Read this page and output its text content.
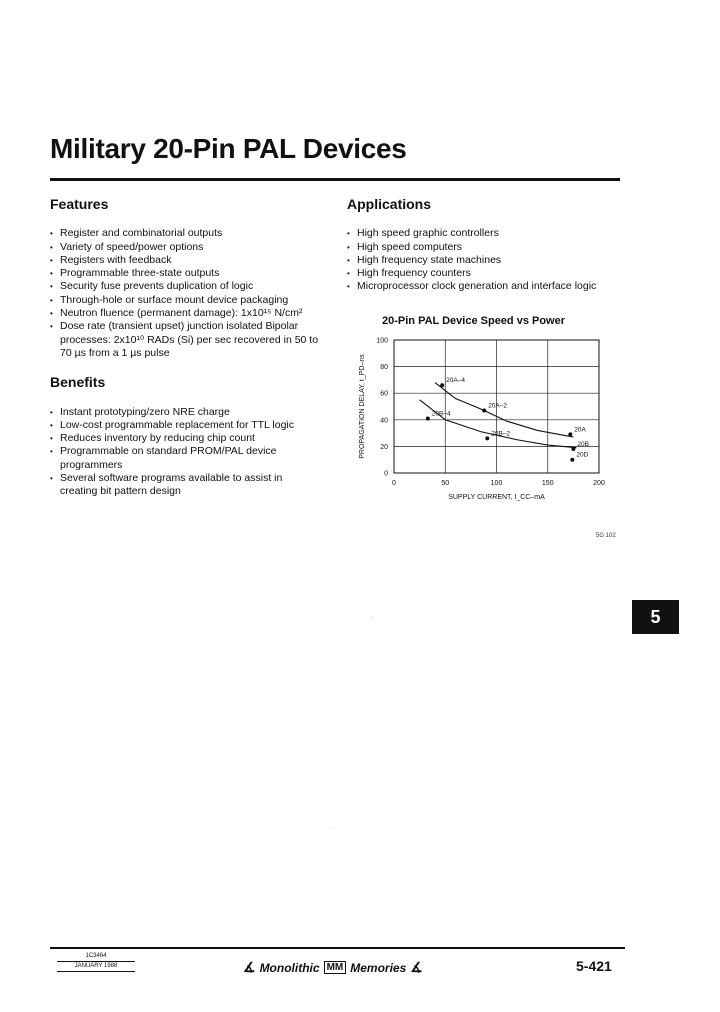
Military 20-Pin PAL Devices
Features
• Register and combinatorial outputs
• Variety of speed/power options
• Registers with feedback
• Programmable three-state outputs
• Security fuse prevents duplication of logic
• Through-hole or surface mount device packaging
• Neutron fluence (permanent damage): 1x10¹⁵ N/cm²
• Dose rate (transient upset) junction isolated Bipolar processes: 2x10¹⁰ RADs (Si) per sec recovered in 50 to 70 µs from a 1 µs pulse
Benefits
• Instant prototyping/zero NRE charge
• Low-cost programmable replacement for TTL logic
• Reduces inventory by reducing chip count
• Programmable on standard PROM/PAL device programmers
• Several software programs available to assist in creating bit pattern design
Applications
• High speed graphic controllers
• High speed computers
• High frequency state machines
• High frequency counters
• Microprocessor clock generation and interface logic
20-Pin PAL Device Speed vs Power
0	50	100	150	200
0
20
40
60
80
100
SUPPLY CURRENT, I_CC–mA
PROPAGATION DELAY, t_PD–ns	20A–4
20A–2
20B–4
20B–2
20A
20B
20D
5G 102
5
.
.
1C3464
JANUARY 1988	∡ Monolithic MM Memories ∡	5-421
